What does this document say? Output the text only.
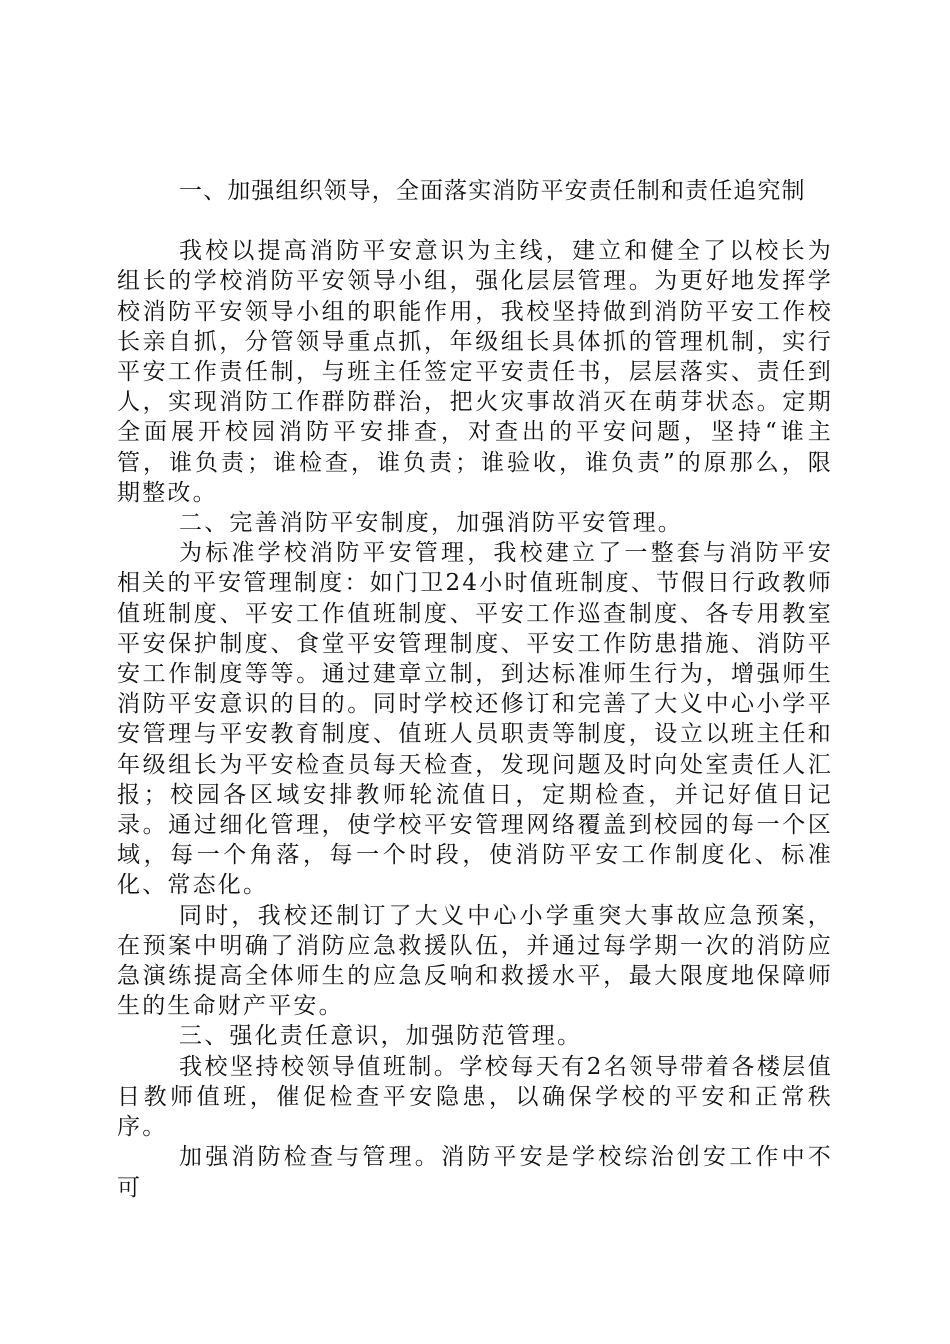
一、加强组织领导，全面落实消防平安责任制和责任追究制

我校以提高消防平安意识为主线，建立和健全了以校长为组长的学校消防平安领导小组，强化层层管理。为更好地发挥学校消防平安领导小组的职能作用，我校坚持做到消防平安工作校长亲自抓，分管领导重点抓，年级组长具体抓的管理机制，实行平安工作责任制，与班主任签定平安责任书，层层落实、责任到人，实现消防工作群防群治，把火灾事故消灭在萌芽状态。定期全面展开校园消防平安排查，对查出的平安问题，坚持“谁主管，谁负责；谁检查，谁负责；谁验收，谁负责”的原那么，限期整改。

二、完善消防平安制度，加强消防平安管理。

为标准学校消防平安管理，我校建立了一整套与消防平安相关的平安管理制度：如门卫24小时值班制度、节假日行政教师值班制度、平安工作值班制度、平安工作巡查制度、各专用教室平安保护制度、食堂平安管理制度、平安工作防患措施、消防平安工作制度等等。通过建章立制，到达标准师生行为，增强师生消防平安意识的目的。同时学校还修订和完善了大义中心小学平安管理与平安教育制度、值班人员职责等制度，设立以班主任和年级组长为平安检查员每天检查，发现问题及时向处室责任人汇报；校园各区域安排教师轮流值日，定期检查，并记好值日记录。通过细化管理，使学校平安管理网络覆盖到校园的每一个区域，每一个角落，每一个时段，使消防平安工作制度化、标准化、常态化。

同时，我校还制订了大义中心小学重突大事故应急预案，在预案中明确了消防应急救援队伍，并通过每学期一次的消防应急演练提高全体师生的应急反响和救援水平，最大限度地保障师生的生命财产平安。

三、强化责任意识，加强防范管理。

我校坚持校领导值班制。学校每天有2名领导带着各楼层值日教师值班，催促检查平安隐患，以确保学校的平安和正常秩序。

加强消防检查与管理。消防平安是学校综治创安工作中不可
